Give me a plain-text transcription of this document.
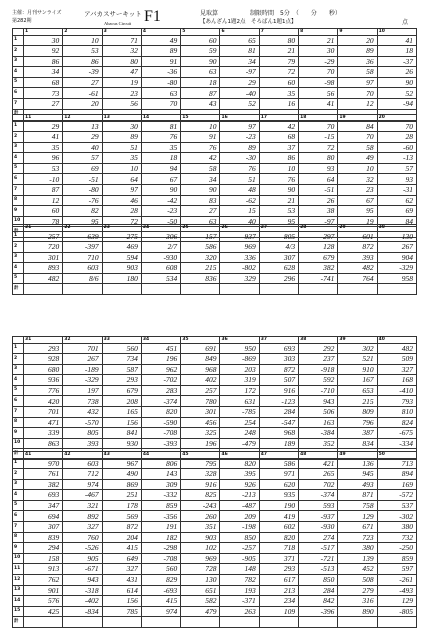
主催：月刊サンライズ
第282期
アバカスサーキット
Abacus Circuit F1	見取算	制限時間　5分　（　　分　　秒）
【あんざん1題2点　そろばん1題1点】	点
	1	2	3	4	5	6	7	8	9	10
1	30	10	71	49	60	65	80	21	20	41
2	92	53	32	89	59	81	21	30	89	18
3	86	86	80	91	90	34	79	-29	36	-37
4	34	-39	47	-36	63	-97	72	70	58	26
5	68	27	19	-80	18	29	60	-98	97	90
6	73	-61	23	63	87	-40	35	56	70	52
7	27	20	56	70	43	52	16	41	12	-94
計										
	11	12	13	14	15	16	17	18	19	20
1	29	13	30	81	10	97	42	70	84	70
2	41	29	89	76	91	-23	68	-15	70	28
3	35	40	51	35	76	89	37	72	58	-60
4	96	57	35	18	42	-30	86	80	49	-13
5	53	69	10	94	58	76	10	93	10	57
6	-10	-51	64	67	34	51	76	64	32	93
7	87	-80	97	90	90	48	90	-51	23	-31
8	12	-76	46	-42	83	-62	21	26	67	62
9	60	82	28	-23	27	15	53	38	95	69
10	78	95	72	-50	63	40	95	-97	19	84
計										
	21	22	23	24	25	26	27	28	29	30
1	257	639	275	306	157	937	805	297	601	130
2	720	-397	469	2/7	586	969	4/3	128	872	267
3	301	710	594	-930	320	336	307	679	393	904
4	893	603	903	608	215	-802	628	382	482	-329
5	482	8/6	180	534	836	329	296	-741	764	958
計										
	31	32	33	34	35	36	37	38	39	40
1	293	701	560	451	691	950	693	292	302	482
2	928	267	734	196	849	-869	303	237	521	509
3	680	-189	587	962	968	203	872	-918	910	327
4	936	-329	293	-702	402	319	507	592	167	168
5	776	197	679	283	257	172	916	-710	653	-410
6	420	738	208	-374	780	631	-123	943	215	793
7	701	432	165	820	301	-785	284	506	809	810
8	471	-570	156	-590	456	254	-547	163	796	824
9	339	805	841	-708	325	248	968	-384	387	-675
10	863	393	930	-393	196	-479	189	352	834	-334
計										
	41	42	43	44	45	46	47	48	49	50
1	970	603	967	806	795	820	586	421	136	713
2	761	712	490	143	328	395	971	265	945	894
3	382	974	869	309	916	926	620	702	493	169
4	693	-467	251	-332	825	-213	935	-374	871	-572
5	347	321	178	859	-243	-487	190	593	758	537
6	694	892	569	-356	260	209	419	-937	129	-302
7	307	327	872	191	351	-198	602	-930	671	380
8	839	760	204	182	903	850	820	274	723	732
9	294	-526	415	-298	102	-257	718	-517	380	-250
10	158	905	649	-708	969	-905	371	-721	139	859
11	913	-671	327	560	728	148	293	-513	452	597
12	762	943	431	829	130	782	617	850	508	-261
13	901	-318	614	-693	651	193	213	284	279	-493
14	576	-402	156	415	582	-371	234	842	316	129
15	425	-834	785	974	479	263	109	-396	890	-805
計										
